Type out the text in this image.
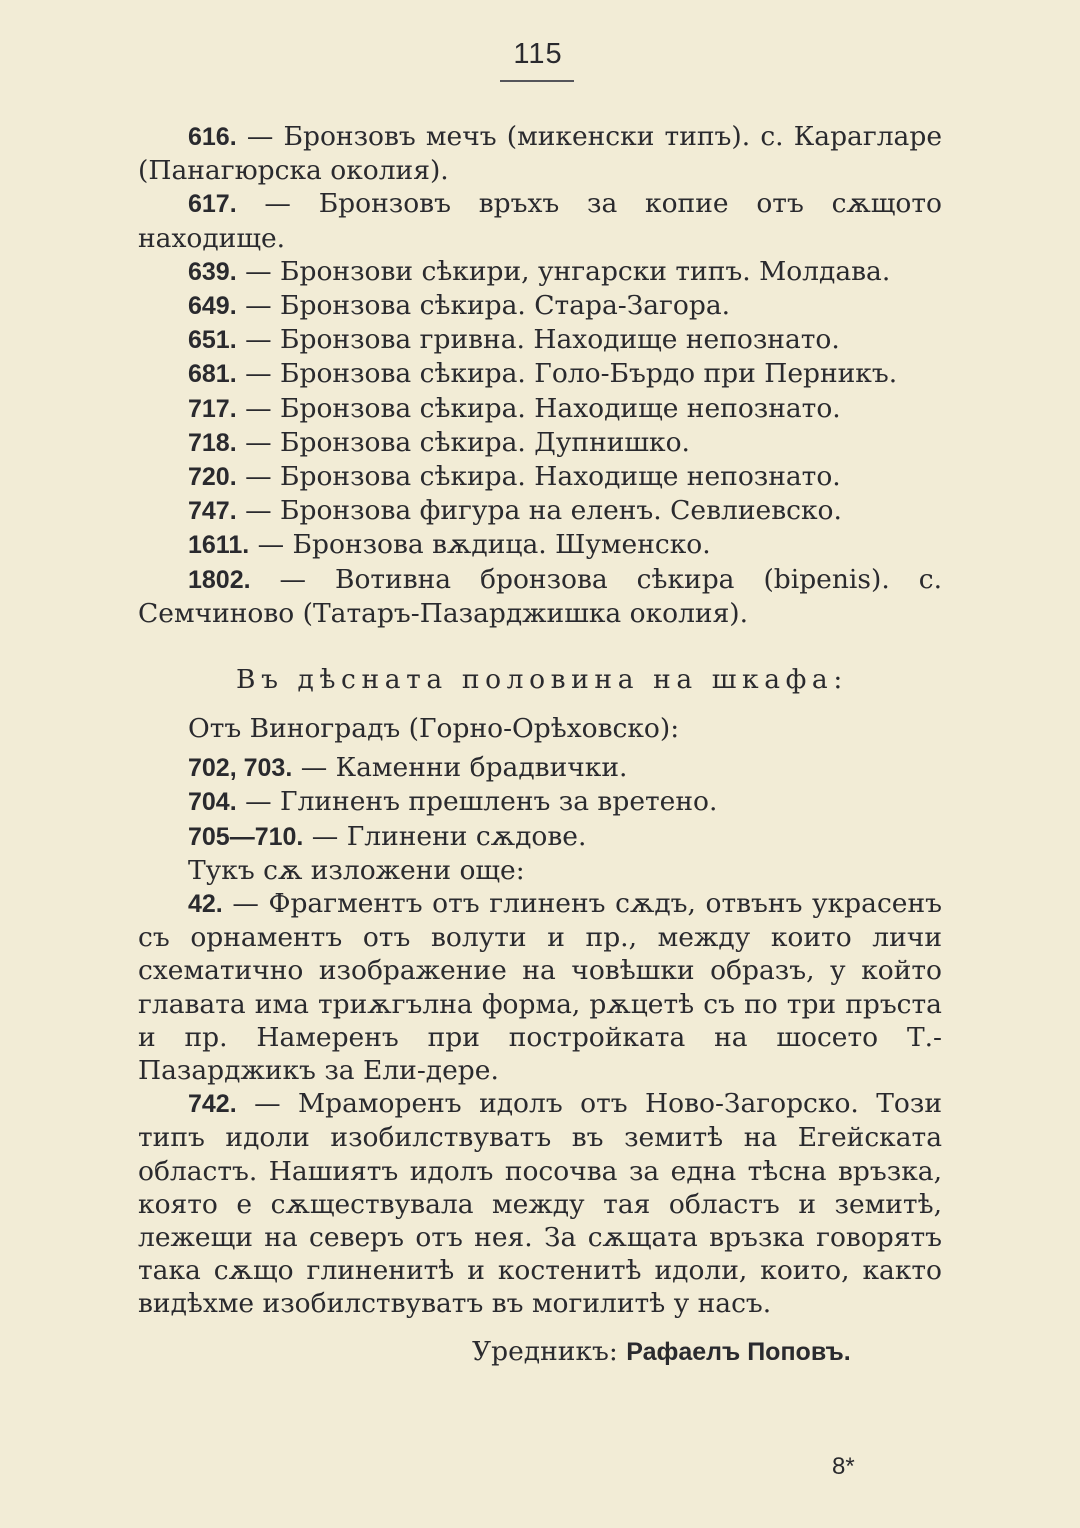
115

616. — Бронзовъ мечъ (микенски типъ). с. Карагларе (Панагюрска околия).

617. — Бронзовъ връхъ за копие отъ сѫщото находище.

639. — Бронзови сѣкири, унгарски типъ. Молдава.

649. — Бронзова сѣкира. Стара-Загора.

651. — Бронзова гривна. Находище непознато.

681. — Бронзова сѣкира. Голо-Бърдо при Перникъ.

717. — Бронзова сѣкира. Находище непознато.

718. — Бронзова сѣкира. Дупнишко.

720. — Бронзова сѣкира. Находище непознато.

747. — Бронзова фигура на еленъ. Севлиевско.

1611. — Бронзова вѫдица. Шуменско.

1802. — Вотивна бронзова сѣкира (bipenis). с. Семчиново (Татаръ-Пазарджишка околия).

Въ дѣсната половина на шкафа:

Отъ Виноградъ (Горно-Орѣховско):

702, 703. — Каменни брадвички.

704. — Глиненъ прешленъ за вретено.

705—710. — Глинени сѫдове.

Тукъ сѫ изложени още:

42. — Фрагментъ отъ глиненъ сѫдъ, отвънъ украсенъ съ орнаментъ отъ волути и пр., между които личи схематично изображение на човѣшки образъ, у който главата има триѫгълна форма, рѫцетѣ съ по три пръста и пр. Намеренъ при постройката на шосето Т.-Пазарджикъ за Ели-дере.

742. — Мраморенъ идолъ отъ Ново-Загорско. Този типъ идоли изобилствуватъ въ земитѣ на Егейската областъ. Нашиятъ идолъ посочва за една тѣсна връзка, която е сѫществувала между тая областъ и земитѣ, лежещи на северъ отъ нея. За сѫщата връзка говорятъ така сѫщо глиненитѣ и костенитѣ идоли, които, както видѣхме изобилствуватъ въ могилитѣ у насъ.

Уредникъ: Рафаелъ Поповъ.
8*
